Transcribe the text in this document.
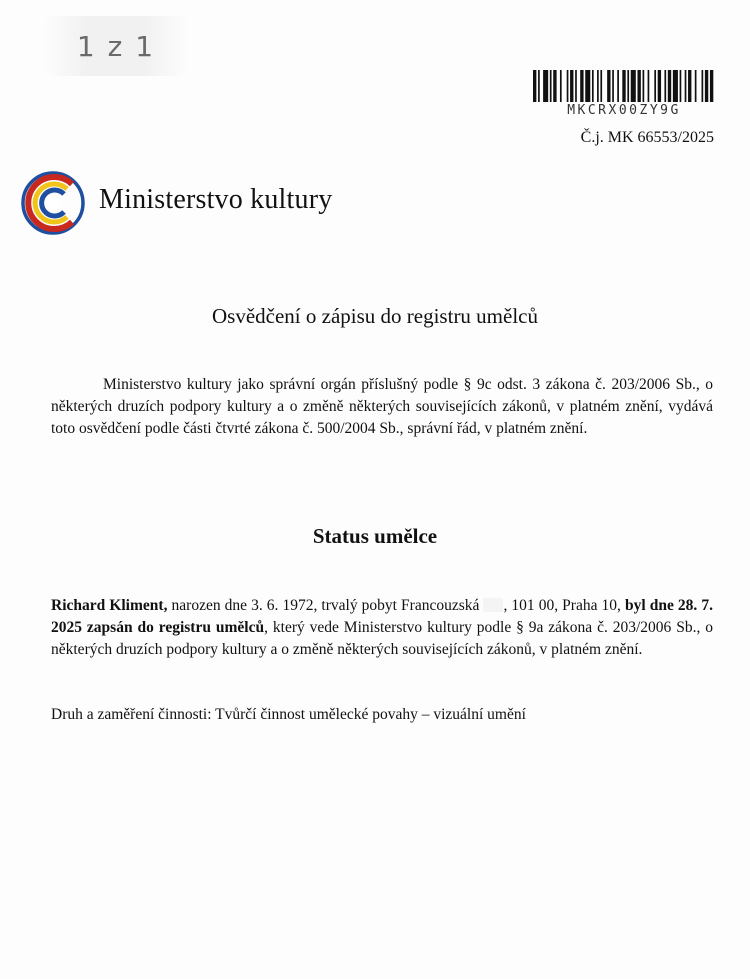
1 z 1
MKCRX00ZY9G
Č.j. MK 66553/2025
Ministerstvo kultury
Osvědčení o zápisu do registru umělců
Ministerstvo kultury jako správní orgán příslušný podle § 9c odst. 3 zákona č. 203/2006 Sb., o některých druzích podpory kultury a o změně některých souvisejících zákonů, v platném znění, vydává toto osvědčení podle části čtvrté zákona č. 500/2004 Sb., správní řád, v platném znění.
Status umělce
Richard Kliment, narozen dne 3. 6. 1972, trvalý pobyt Francouzská , 101 00, Praha 10, byl dne 28. 7. 2025 zapsán do registru umělců, který vede Ministerstvo kultury podle § 9a zákona č. 203/2006 Sb., o některých druzích podpory kultury a o změně některých souvisejících zákonů, v platném znění.
Druh a zaměření činnosti: Tvůrčí činnost umělecké povahy – vizuální umění
